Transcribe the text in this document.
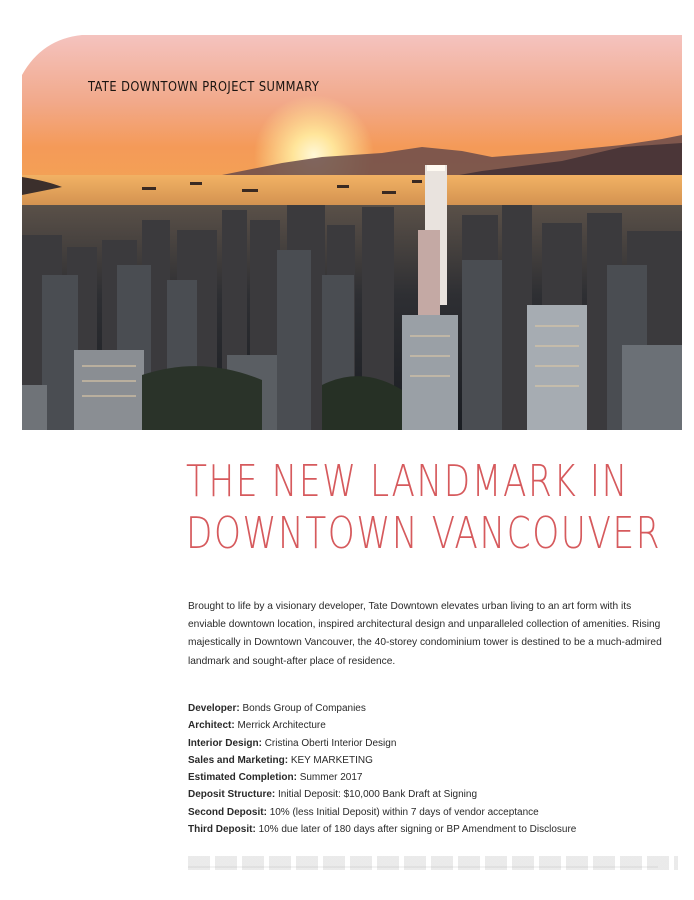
TATE DOWNTOWN PROJECT SUMMARY
THE NEW LANDMARK IN
DOWNTOWN VANCOUVER

Brought to life by a visionary developer, Tate Downtown elevates urban living to an art form with its enviable downtown location, inspired architectural design and unparalleled collection of amenities. Rising majestically in Downtown Vancouver, the 40-storey condominium tower is destined to be a much-admired landmark and sought-after place of residence.

Developer: Bonds Group of Companies
Architect: Merrick Architecture
Interior Design: Cristina Oberti Interior Design
Sales and Marketing: KEY MARKETING
Estimated Completion: Summer 2017
Deposit Structure: Initial Deposit: $10,000 Bank Draft at Signing
Second Deposit: 10% (less Initial Deposit) within 7 days of vendor acceptance
Third Deposit: 10% due later of 180 days after signing or BP Amendment to Disclosure
